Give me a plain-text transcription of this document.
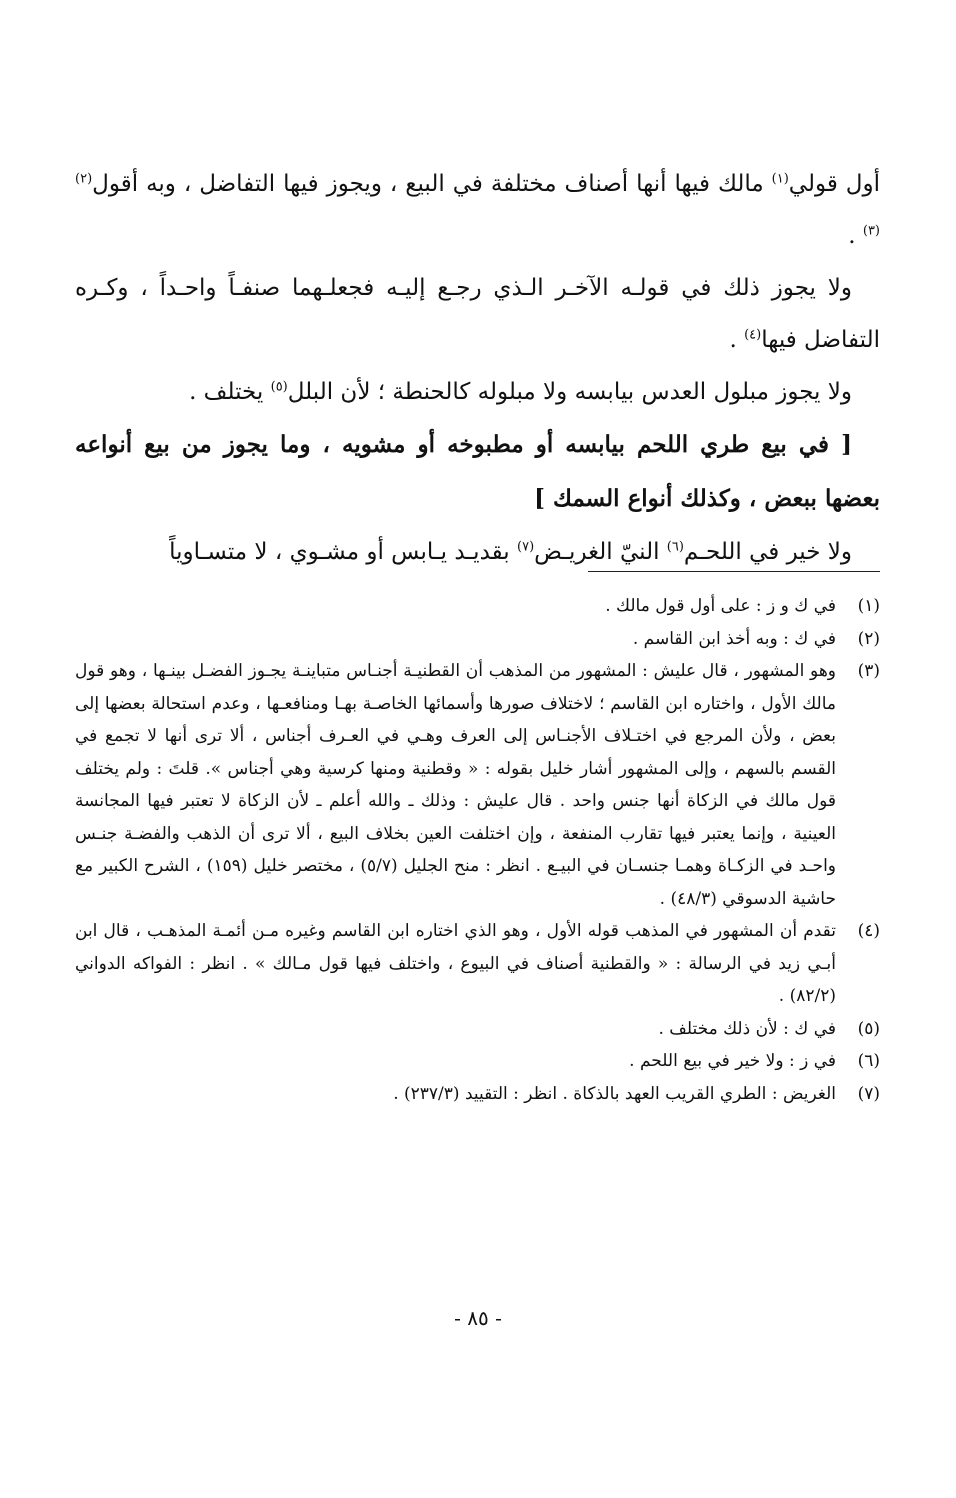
أول قولي$^{(١)}$ مالك فيها أنها أصناف مختلفة في البيع ، ويجوز فيها التفاضل ، وبه أقول$^{(٢)(٣)}$ .

ولا يجوز ذلك في قولـه الآخـر الـذي رجـع إليـه فجعلـهما صنفـاً واحـداً ، وكـره التفاضل فيها$^{(٤)}$ .

ولا يجوز مبلول العدس بيابسه ولا مبلوله كالحنطة ؛ لأن البلل$^{(٥)}$ يختلف .

[ في بيع طري اللحم بيابسه أو مطبوخه أو مشويه ، وما يجوز من بيع أنواعه بعضها ببعض ، وكذلك أنواع السمك ]

ولا خير في اللحـم$^{(٦)}$ النيّ الغريـض$^{(٧)}$ بقديـد يـابس أو مشـوي ، لا متسـاوياً

(١)
في ك و ز : على أول قول مالك .
(٢)
في ك : وبه أخذ ابن القاسم .
(٣)
وهو المشهور ، قال عليش : المشهور من المذهب أن القطنيـة أجنـاس متباينـة يجـوز الفضـل بينـها ، وهو قول مالك الأول ، واختاره ابن القاسم ؛ لاختلاف صورها وأسمائها الخاصـة بهـا ومنافعـها ، وعدم استحالة بعضها إلى بعض ، ولأن المرجع في اختـلاف الأجنـاس إلى العرف وهـي في العـرف أجناس ، ألا ترى أنها لا تجمع في القسم بالسهم ، وإلى المشهور أشار خليل بقوله : « وقطنية ومنها كرسية وهي أجناس ». قلتَ : ولم يختلف قول مالك في الزكاة أنها جنس واحد . قال عليش : وذلك ـ والله أعلم ـ لأن الزكاة لا تعتبر فيها المجانسة العينية ، وإنما يعتبر فيها تقارب المنفعة ، وإن اختلفت العين بخلاف البيع ، ألا ترى أن الذهب والفضـة جنـس واحـد في الزكـاة وهمـا جنسـان في البيـع . انظر : منح الجليل (٥/٧) ، مختصر خليل (١٥٩) ، الشرح الكبير مع حاشية الدسوقي (٤٨/٣) .
(٤)
تقدم أن المشهور في المذهب قوله الأول ، وهو الذي اختاره ابن القاسم وغيره مـن أئمـة المذهـب ، قال ابن أبـي زيد في الرسالة : « والقطنية أصناف في البيوع ، واختلف فيها قول مـالك » . انظر : الفواكه الدواني (٨٢/٢) .
(٥)
في ك : لأن ذلك مختلف .
(٦)
في ز : ولا خير في بيع اللحم .
(٧)
الغريض : الطري القريب العهد بالذكاة . انظر : التقييد (٢٣٧/٣) .
- ٨٥ -
